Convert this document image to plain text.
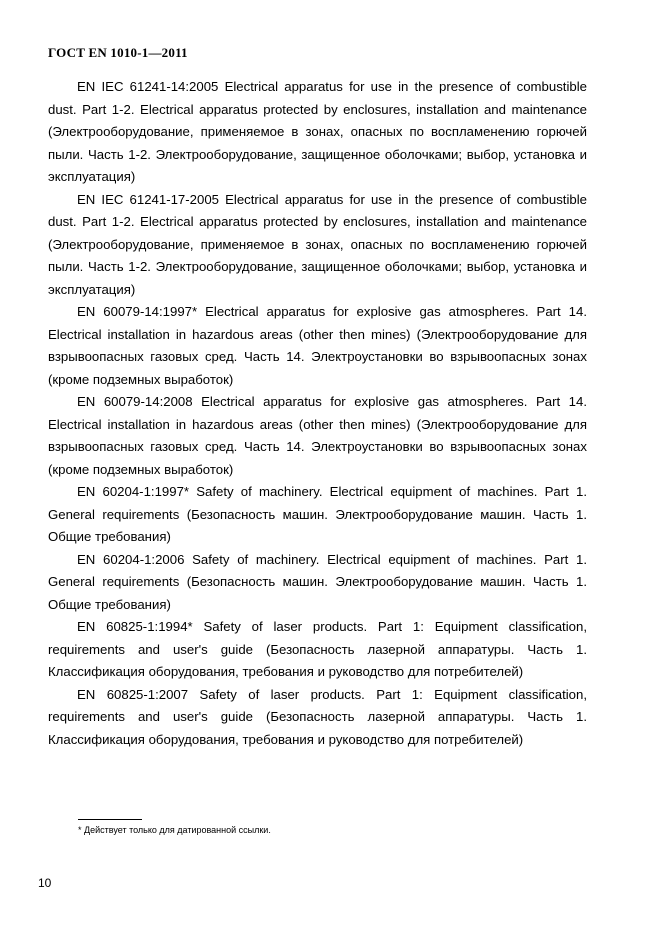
ГОСТ EN 1010-1—2011

EN IEC 61241-14:2005 Electrical apparatus for use in the presence of combustible dust. Part 1-2. Electrical apparatus protected by enclosures, installation and maintenance (Электрооборудование, применяемое в зонах, опасных по воспламенению горючей пыли. Часть 1-2. Электрооборудование, защищенное оболочками; выбор, установка и эксплуатация)

EN IEC 61241-17-2005 Electrical apparatus for use in the presence of combustible dust. Part 1-2. Electrical apparatus protected by enclosures, installation and maintenance (Электрооборудование, применяемое в зонах, опасных по воспламенению горючей пыли. Часть 1-2. Электрооборудование, защищенное оболочками; выбор, установка и эксплуатация)

EN 60079-14:1997* Electrical apparatus for explosive gas atmospheres. Part 14. Electrical installation in hazardous areas (other then mines) (Электрооборудование для взрывоопасных газовых сред. Часть 14. Электроустановки во взрывоопасных зонах (кроме подземных выработок)

EN 60079-14:2008 Electrical apparatus for explosive gas atmospheres. Part 14. Electrical installation in hazardous areas (other then mines) (Электрооборудование для взрывоопасных газовых сред. Часть 14. Электроустановки во взрывоопасных зонах (кроме подземных выработок)

EN 60204-1:1997* Safety of machinery. Electrical equipment of machines. Part 1. General requirements (Безопасность машин. Электрооборудование машин. Часть 1. Общие требования)

EN 60204-1:2006 Safety of machinery. Electrical equipment of machines. Part 1. General requirements (Безопасность машин. Электрооборудование машин. Часть 1. Общие требования)

EN 60825-1:1994* Safety of laser products. Part 1: Equipment classification, requirements and user's guide (Безопасность лазерной аппаратуры. Часть 1. Классификация оборудования, требования и руководство для потребителей)

EN 60825-1:2007 Safety of laser products. Part 1: Equipment classification, requirements and user's guide (Безопасность лазерной аппаратуры. Часть 1. Классификация оборудования, требования и руководство для потребителей)

* Действует только для датированной ссылки.
10
